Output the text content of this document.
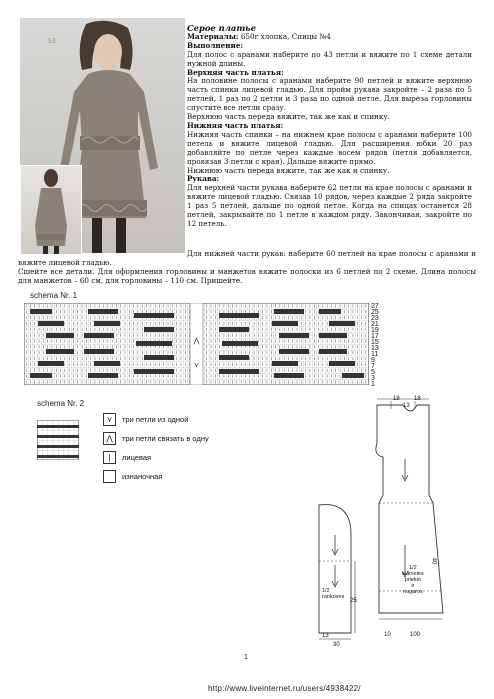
53

Серое платье

Материалы: 650г хлопка, Спицы №4

Выполнение:

Для полос с аранами наберите по 43 петли и вяжите по 1 схеме детали нужной длины.

Верхняя часть платья:

На половине полосы с аранами наберите 90 петлей и вяжите верхнюю часть спинки лицевой гладью. Для пройм рукава закройте – 2 раза по 5 петлей, 1 раз по 2 петли и 3 раза по одной петле. Для выреза горловины спустите все петли сразу.

Верхнюю часть переда вяжите, так же как и спинку.

Нижняя часть платья:

Нижняя часть спинки – на нижнем крае полосы с аранами наберите 100 петель и вяжите лицевой гладью. Для расширения юбки 20 раз добавляйте по петле через каждые восем рядов (петля добавляется, провязав 3 петли с края). Дальше вяжите прямо.

Нижнюю часть переда вяжите, так же как и спинку.

Рукава:

Для верхней части рукава наберите 62 петли на крае полосы с аранами и вяжите лицевой гладью. Связав 10 рядов, через каждые 2 ряда закройте 1 раз 5 петлей, дальше по одной петле. Когда на спицах останется 28 петлей, закрывайте по 1 петле в каждом ряду. Закончивая, закройте по 12 петель.

Для нижней части рукав: наберите 60 петлей на крае полосы с аранами и вяжите лицевой гладью.

Сшейте все детали. Для оформления горловины и манжетов вяжите полоски из 6 петлей по 2 схеме. Длина полосы для манжетов – 60 см, для горловины – 110 см. Пришейте.

schema Nr. 1
⋀
⋎
27
25
23
21
19
17
15
13
11
9
7
5
3
1
schema Nr. 2
⋎	три петли из одной
⋀	три петли связать в одну
|	лицевая
изнаночная
18
13
18
40
1/2
sukneles
priekio
ir
nugaros
10	100
25
1/2
rankoves
13
30
1
http://www.liveinternet.ru/users/4938422/
